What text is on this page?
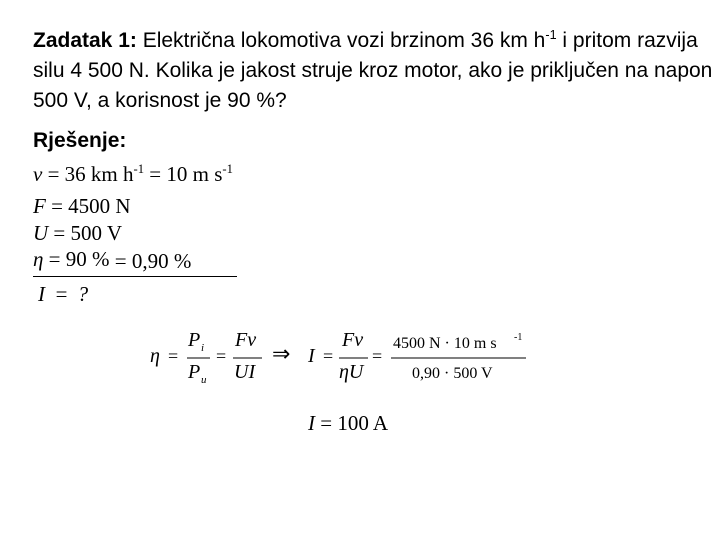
Zadatak 1: Električna lokomotiva vozi brzinom 36 km $h^{-1}$ i pritom razvija silu 4 500 N. Kolika je jakost struje kroz motor, ako je priključen na napon 500 V, a korisnost je 90 %?
Rješenje:
v = 36 km $h^{-1} = 10$ m $s^{-1}$
F = 4500 N
U = 500 V
η = 90 % = 0,90 %
I = ?
η =
P i
P u
=
Fv
UI
⇒ I =
Fv
ηU
=
4500 N · 10 m s -1
0,90 · 500 V
I = 100 A
